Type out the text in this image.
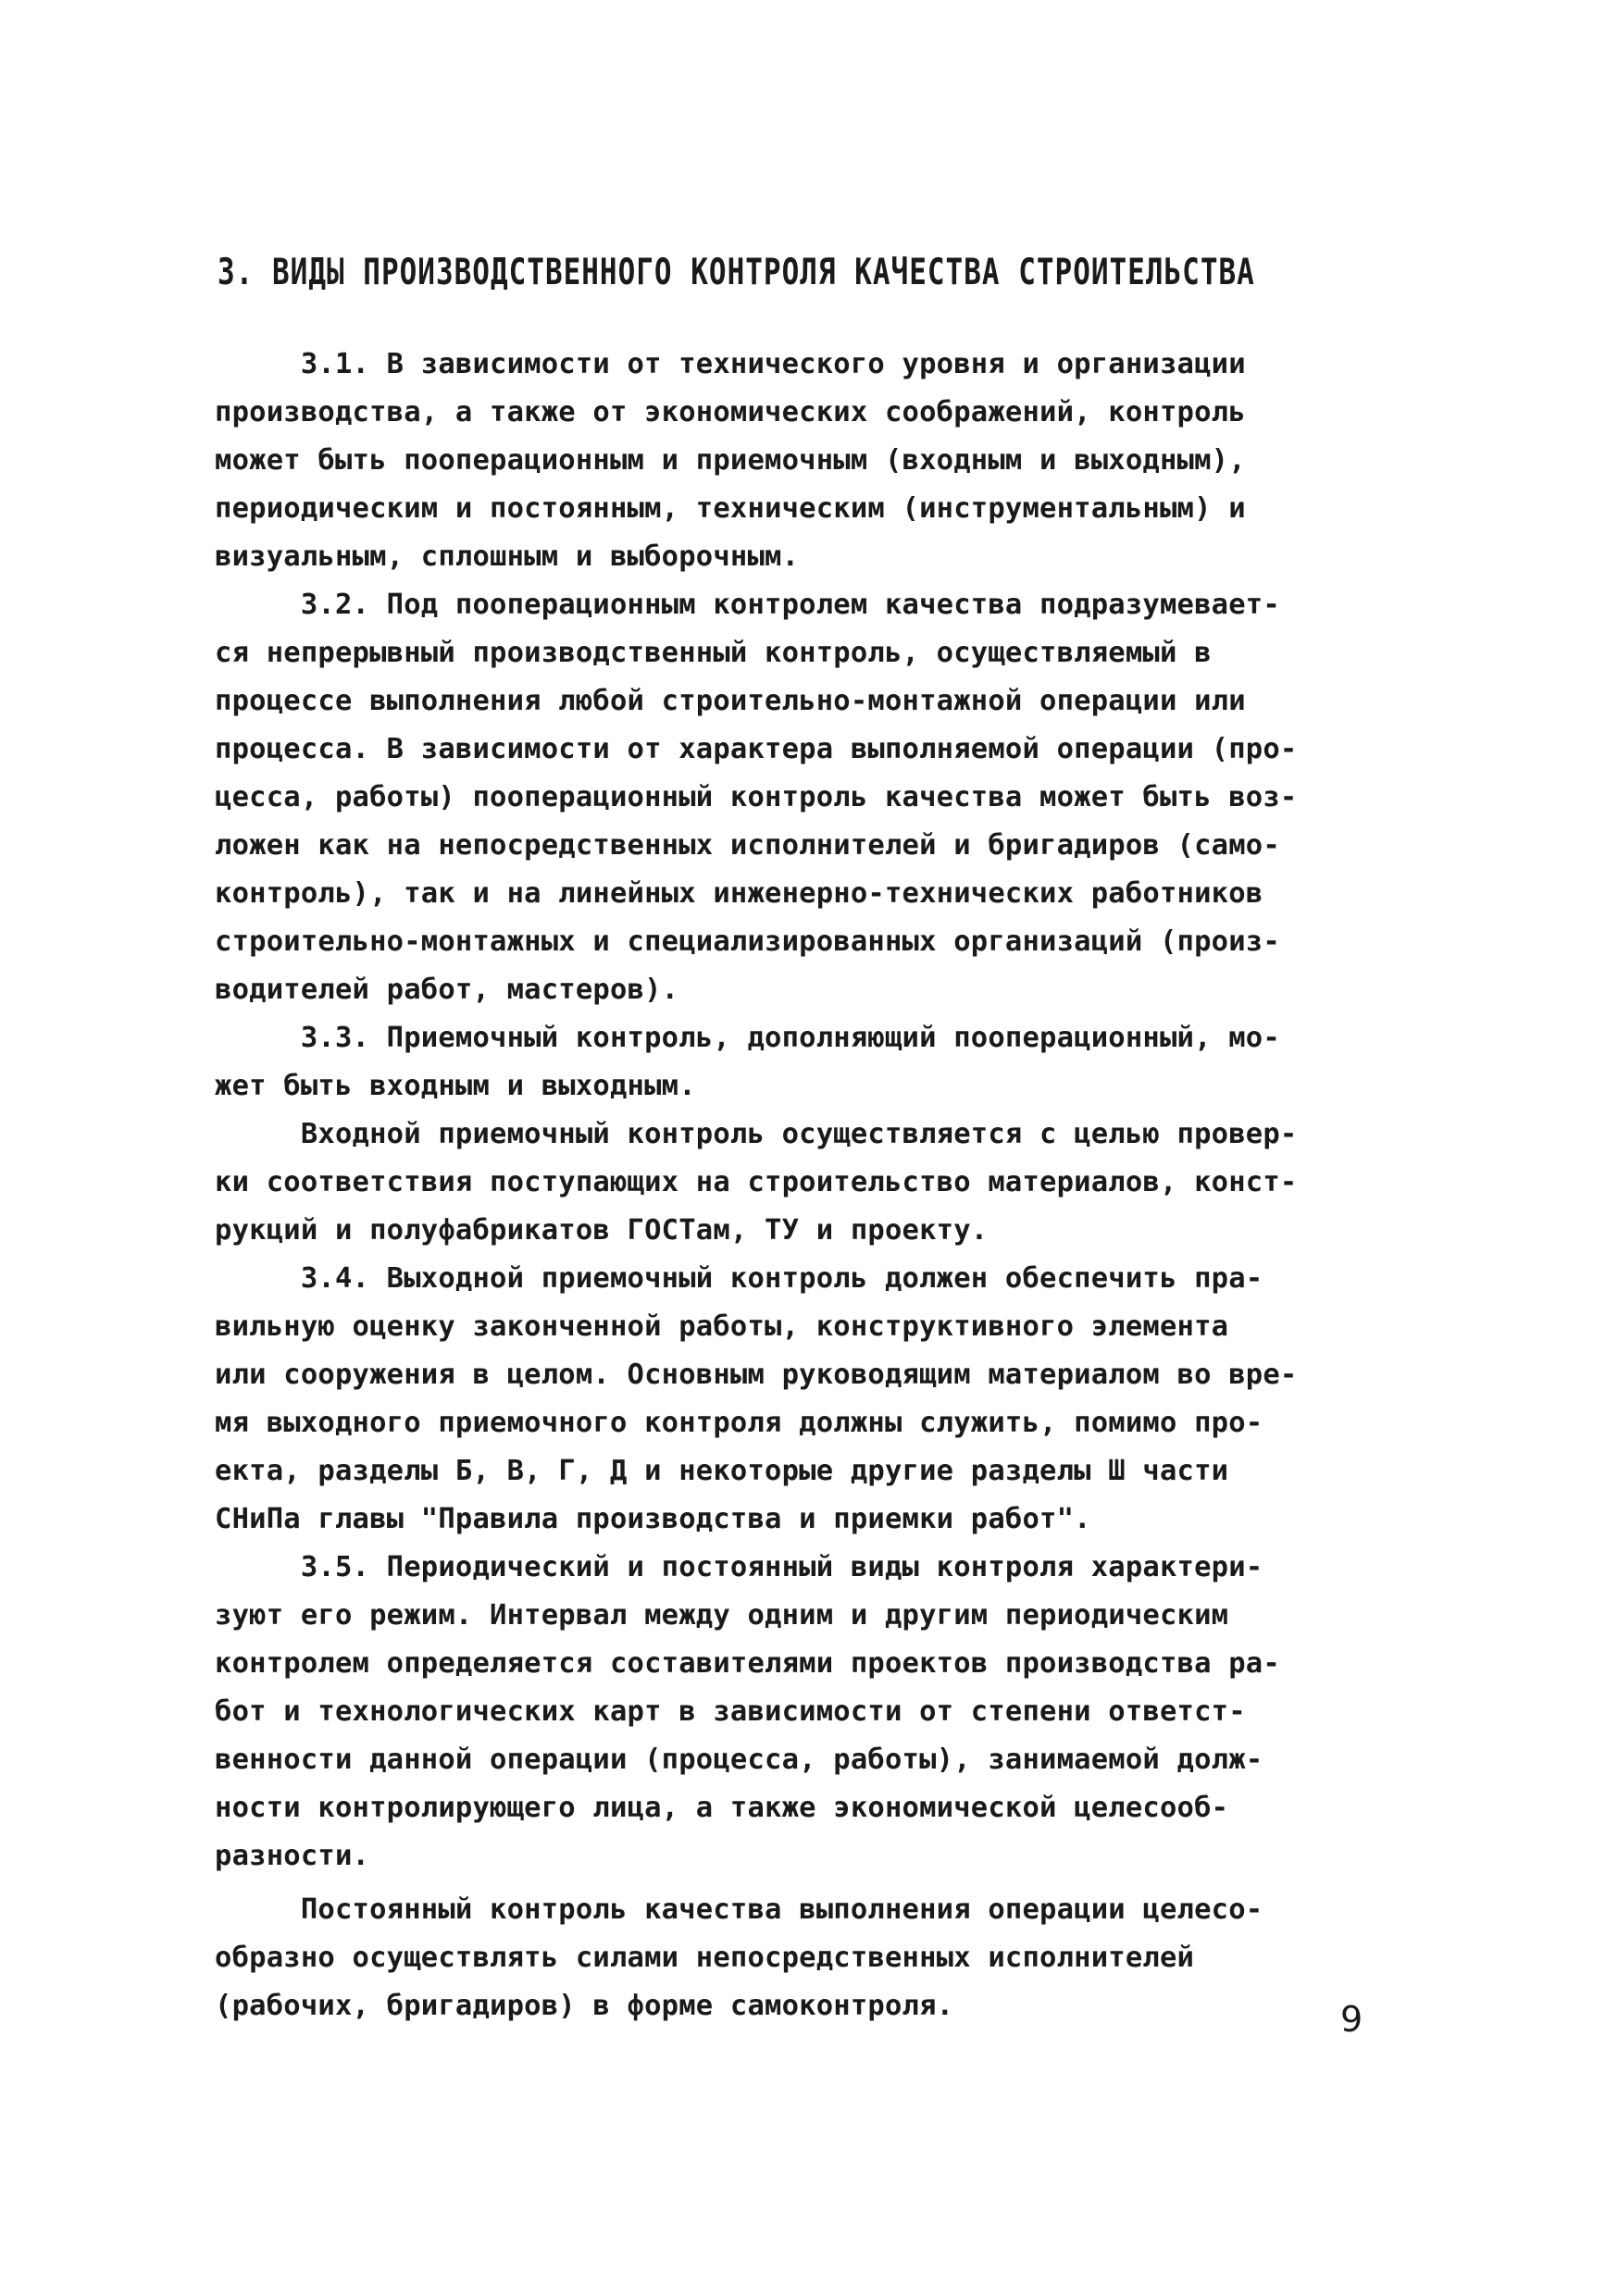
3. ВИДЫ ПРОИЗВОДСТВЕННОГО КОНТРОЛЯ КАЧЕСТВА СТРОИТЕЛЬСТВА
3.1. В зависимости от технического уровня и организации
производства, а также от экономических соображений, контроль
может быть пооперационным и приемочным (входным и выходным),
периодическим и постоянным, техническим (инструментальным) и
визуальным, сплошным и выборочным.
3.2. Под пооперационным контролем качества подразумевает-
ся непрерывный производственный контроль, осуществляемый в
процессе выполнения любой строительно-монтажной операции или
процесса. В зависимости от характера выполняемой операции (про-
цесса, работы) пооперационный контроль качества может быть воз-
ложен как на непосредственных исполнителей и бригадиров (само-
контроль), так и на линейных инженерно-технических работников
строительно-монтажных и специализированных организаций (произ-
водителей работ, мастеров).
3.3. Приемочный контроль, дополняющий пооперационный, мо-
жет быть входным и выходным.
Входной приемочный контроль осуществляется с целью провер-
ки соответствия поступающих на строительство материалов, конст-
рукций и полуфабрикатов ГОСТам, ТУ и проекту.
3.4. Выходной приемочный контроль должен обеспечить пра-
вильную оценку законченной работы, конструктивного элемента
или сооружения в целом. Основным руководящим материалом во вре-
мя выходного приемочного контроля должны служить, помимо про-
екта, разделы Б, В, Г, Д и некоторые другие разделы Ш части
СНиПа главы "Правила производства и приемки работ".
3.5. Периодический и постоянный виды контроля характери-
зуют его режим. Интервал между одним и другим периодическим
контролем определяется составителями проектов производства ра-
бот и технологических карт в зависимости от степени ответст-
венности данной операции (процесса, работы), занимаемой долж-
ности контролирующего лица, а также экономической целесооб-
разности.
Постоянный контроль качества выполнения операции целесо-
образно осуществлять силами непосредственных исполнителей
(рабочих, бригадиров) в форме самоконтроля.	9
